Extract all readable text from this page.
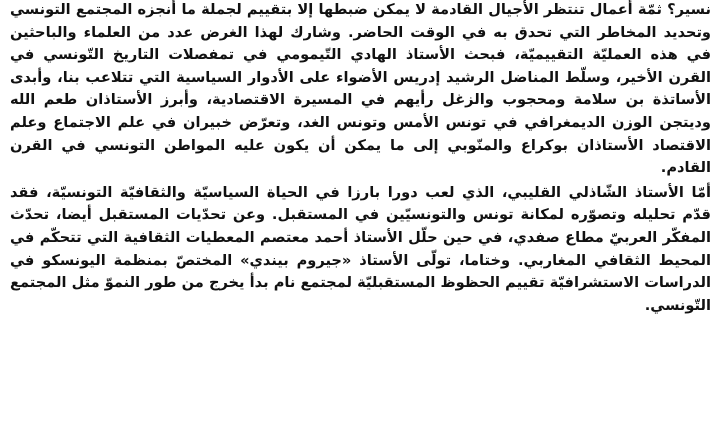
نسير؟ ثمّة أعمال تنتظر الأجيال القادمة لا يمكن ضبطها إلا بتقييم لجملة ما أنجزه المجتمع التونسي وتحديد المخاطر التي تحدق به في الوقت الحاضر. وشارك لهذا الغرض عدد من العلماء والباحثين في هذه العمليّة التقييميّة، فبحث الأستاذ الهادي التّيمومي في تمفصلات التاريخ التّونسي في القرن الأخير، وسلّط المناضل الرشيد إدريس الأضواء على الأدوار السياسية التي تتلاعب بنا، وأبدى الأساتذة بن سلامة ومحجوب والزغل رأيهم في المسيرة الاقتصادية، وأبرز الأستاذان طعم الله وديتجن الوزن الديمغرافي في تونس الأمس وتونس الغد، وتعرّض خبيران في علم الاجتماع وعلم الاقتصاد الأستاذان بوكراع والمنّوبي إلى ما يمكن أن يكون عليه المواطن التونسي في القرن القادم.

أمّا الأستاذ الشّاذلي القليبي، الذي لعب دورا بارزا في الحياة السياسيّة والثقافيّة التونسيّة، فقد قدّم تحليله وتصوّره لمكانة تونس والتونسيّين في المستقبل. وعن تحدّيات المستقبل أيضا، تحدّث المفكّر العربيّ مطاع صفدي، في حين حلّل الأستاذ أحمد معتصم المعطيات الثقافية التي تتحكّم في المحيط الثقافي المغاربي. وختاما، تولّى الأستاذ «جيروم بيندي» المختصّ بمنظمة اليونسكو في الدراسات الاستشرافيّة تقييم الحظوظ المستقبليّة لمجتمع نام بدأ يخرج من طور النموّ مثل المجتمع التّونسي.
